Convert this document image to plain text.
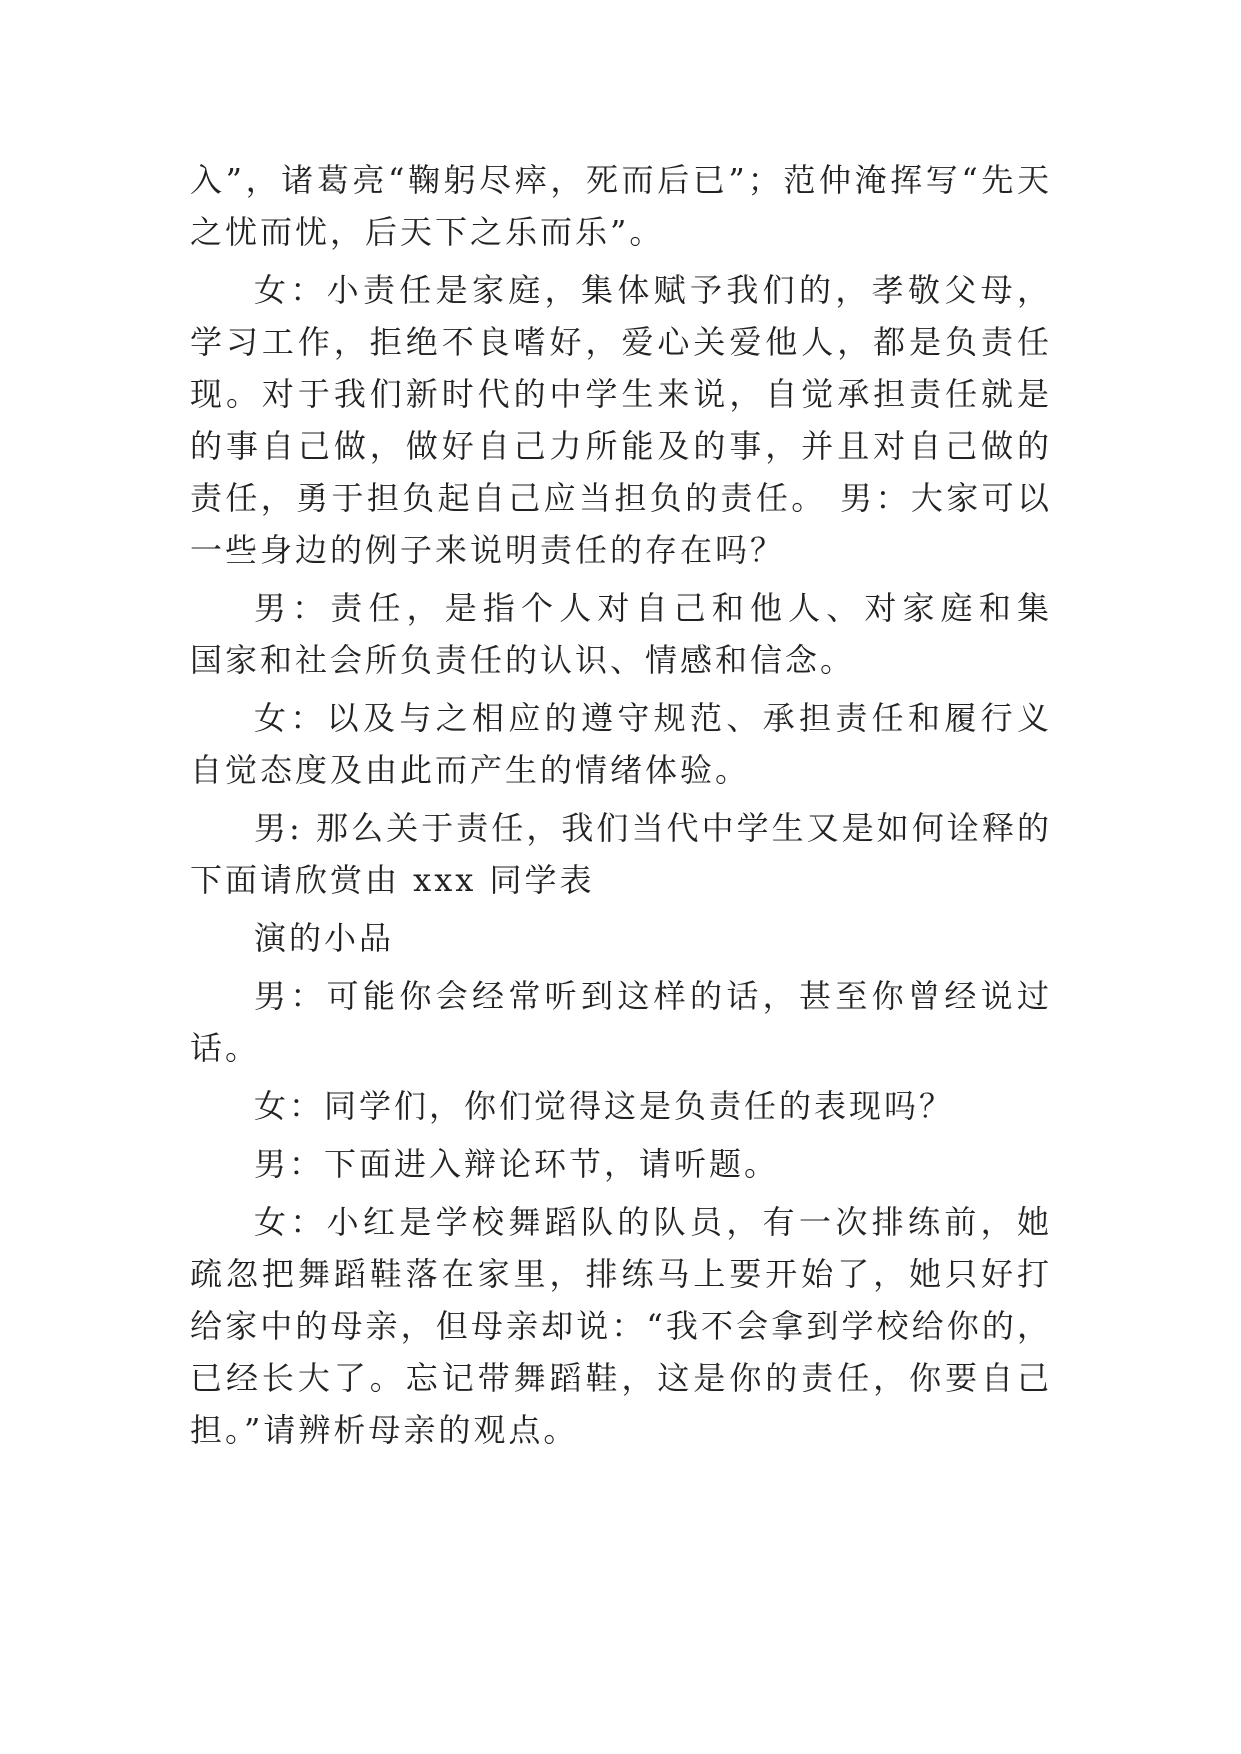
入”，诸葛亮“鞠躬尽瘁，死而后已”；范仲淹挥写“先天
之忧而忧，后天下之乐而乐”。
女：小责任是家庭，集体赋予我们的，孝敬父母，
学习工作，拒绝不良嗜好，爱心关爱他人，都是负责任
现。对于我们新时代的中学生来说，自觉承担责任就是
的事自己做，做好自己力所能及的事，并且对自己做的
责任，勇于担负起自己应当担负的责任。 男：大家可以
一些身边的例子来说明责任的存在吗？
男：责任，是指个人对自己和他人、对家庭和集
国家和社会所负责任的认识、情感和信念。
女：以及与之相应的遵守规范、承担责任和履行义
自觉态度及由此而产生的情绪体验。
男: 那么关于责任，我们当代中学生又是如何诠释的
下面请欣赏由 xxx 同学表
演的小品
男：可能你会经常听到这样的话，甚至你曾经说过
话。
女：同学们，你们觉得这是负责任的表现吗？
男：下面进入辩论环节，请听题。
女：小红是学校舞蹈队的队员，有一次排练前，她
疏忽把舞蹈鞋落在家里，排练马上要开始了，她只好打
给家中的母亲，但母亲却说：“我不会拿到学校给你的，
已经长大了。忘记带舞蹈鞋，这是你的责任，你要自己
担。”请辨析母亲的观点。
